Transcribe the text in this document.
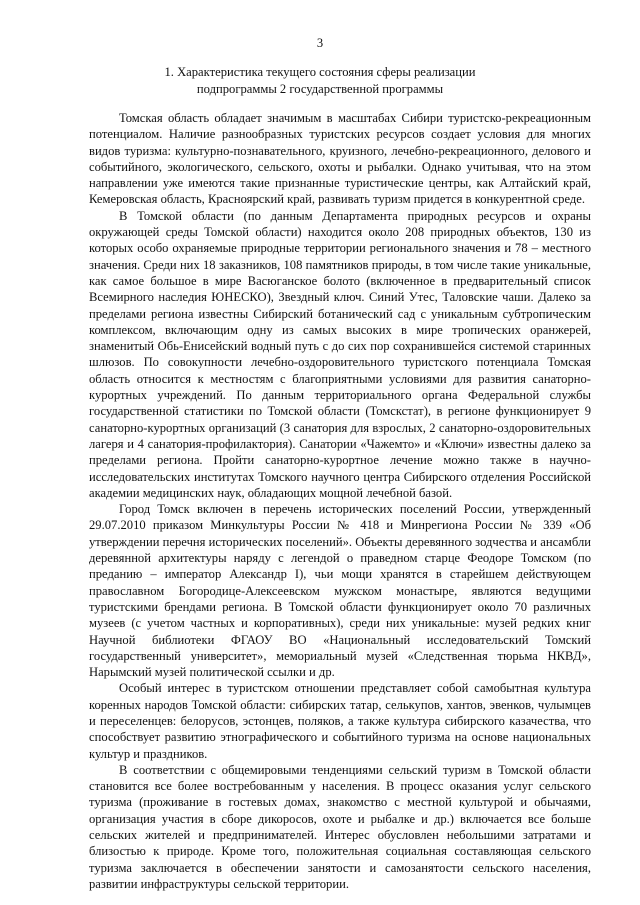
3
1. Характеристика текущего состояния сферы реализации
подпрограммы 2 государственной программы

Томская область обладает значимым в масштабах Сибири туристско-рекреационным потенциалом. Наличие разнообразных туристских ресурсов создает условия для многих видов туризма: культурно-познавательного, круизного, лечебно-рекреационного, делового и событийного, экологического, сельского, охоты и рыбалки. Однако учитывая, что на этом направлении уже имеются такие признанные туристические центры, как Алтайский край, Кемеровская область, Красноярский край, развивать туризм придется в конкурентной среде.

В Томской области (по данным Департамента природных ресурсов и охраны окружающей среды Томской области) находится около 208 природных объектов, 130 из которых особо охраняемые природные территории регионального значения и 78 – местного значения. Среди них 18 заказников, 108 памятников природы, в том числе такие уникальные, как самое большое в мире Васюганское болото (включенное в предварительный список Всемирного наследия ЮНЕСКО), Звездный ключ. Синий Утес, Таловские чаши. Далеко за пределами региона известны Сибирский ботанический сад с уникальным субтропическим комплексом, включающим одну из самых высоких в мире тропических оранжерей, знаменитый Обь-Енисейский водный путь с до сих пор сохранившейся системой старинных шлюзов. По совокупности лечебно-оздоровительного туристского потенциала Томская область относится к местностям с благоприятными условиями для развития санаторно-курортных учреждений. По данным территориального органа Федеральной службы государственной статистики по Томской области (Томскстат), в регионе функционирует 9 санаторно-курортных организаций (3 санатория для взрослых, 2 санаторно-оздоровительных лагеря и 4 санатория-профилактория). Санатории «Чажемто» и «Ключи» известны далеко за пределами региона. Пройти санаторно-курортное лечение можно также в научно-исследовательских институтах Томского научного центра Сибирского отделения Российской академии медицинских наук, обладающих мощной лечебной базой.

Город Томск включен в перечень исторических поселений России, утвержденный 29.07.2010 приказом Минкультуры России № 418 и Минрегиона России № 339 «Об утверждении перечня исторических поселений». Объекты деревянного зодчества и ансамбли деревянной архитектуры наряду с легендой о праведном старце Феодоре Томском (по преданию – император Александр I), чьи мощи хранятся в старейшем действующем православном Богородице-Алексеевском мужском монастыре, являются ведущими туристскими брендами региона. В Томской области функционирует около 70 различных музеев (с учетом частных и корпоративных), среди них уникальные: музей редких книг Научной библиотеки ФГАОУ ВО «Национальный исследовательский Томский государственный университет», мемориальный музей «Следственная тюрьма НКВД», Нарымский музей политической ссылки и др.

Особый интерес в туристском отношении представляет собой самобытная культура коренных народов Томской области: сибирских татар, селькупов, хантов, эвенков, чулымцев и переселенцев: белорусов, эстонцев, поляков, а также культура сибирского казачества, что способствует развитию этнографического и событийного туризма на основе национальных культур и праздников.

В соответствии с общемировыми тенденциями сельский туризм в Томской области становится все более востребованным у населения. В процесс оказания услуг сельского туризма (проживание в гостевых домах, знакомство с местной культурой и обычаями, организация участия в сборе дикоросов, охоте и рыбалке и др.) включается все больше сельских жителей и предпринимателей. Интерес обусловлен небольшими затратами и близостью к природе. Кроме того, положительная социальная составляющая сельского туризма заключается в обеспечении занятости и самозанятости сельского населения, развитии инфраструктуры сельской территории.
